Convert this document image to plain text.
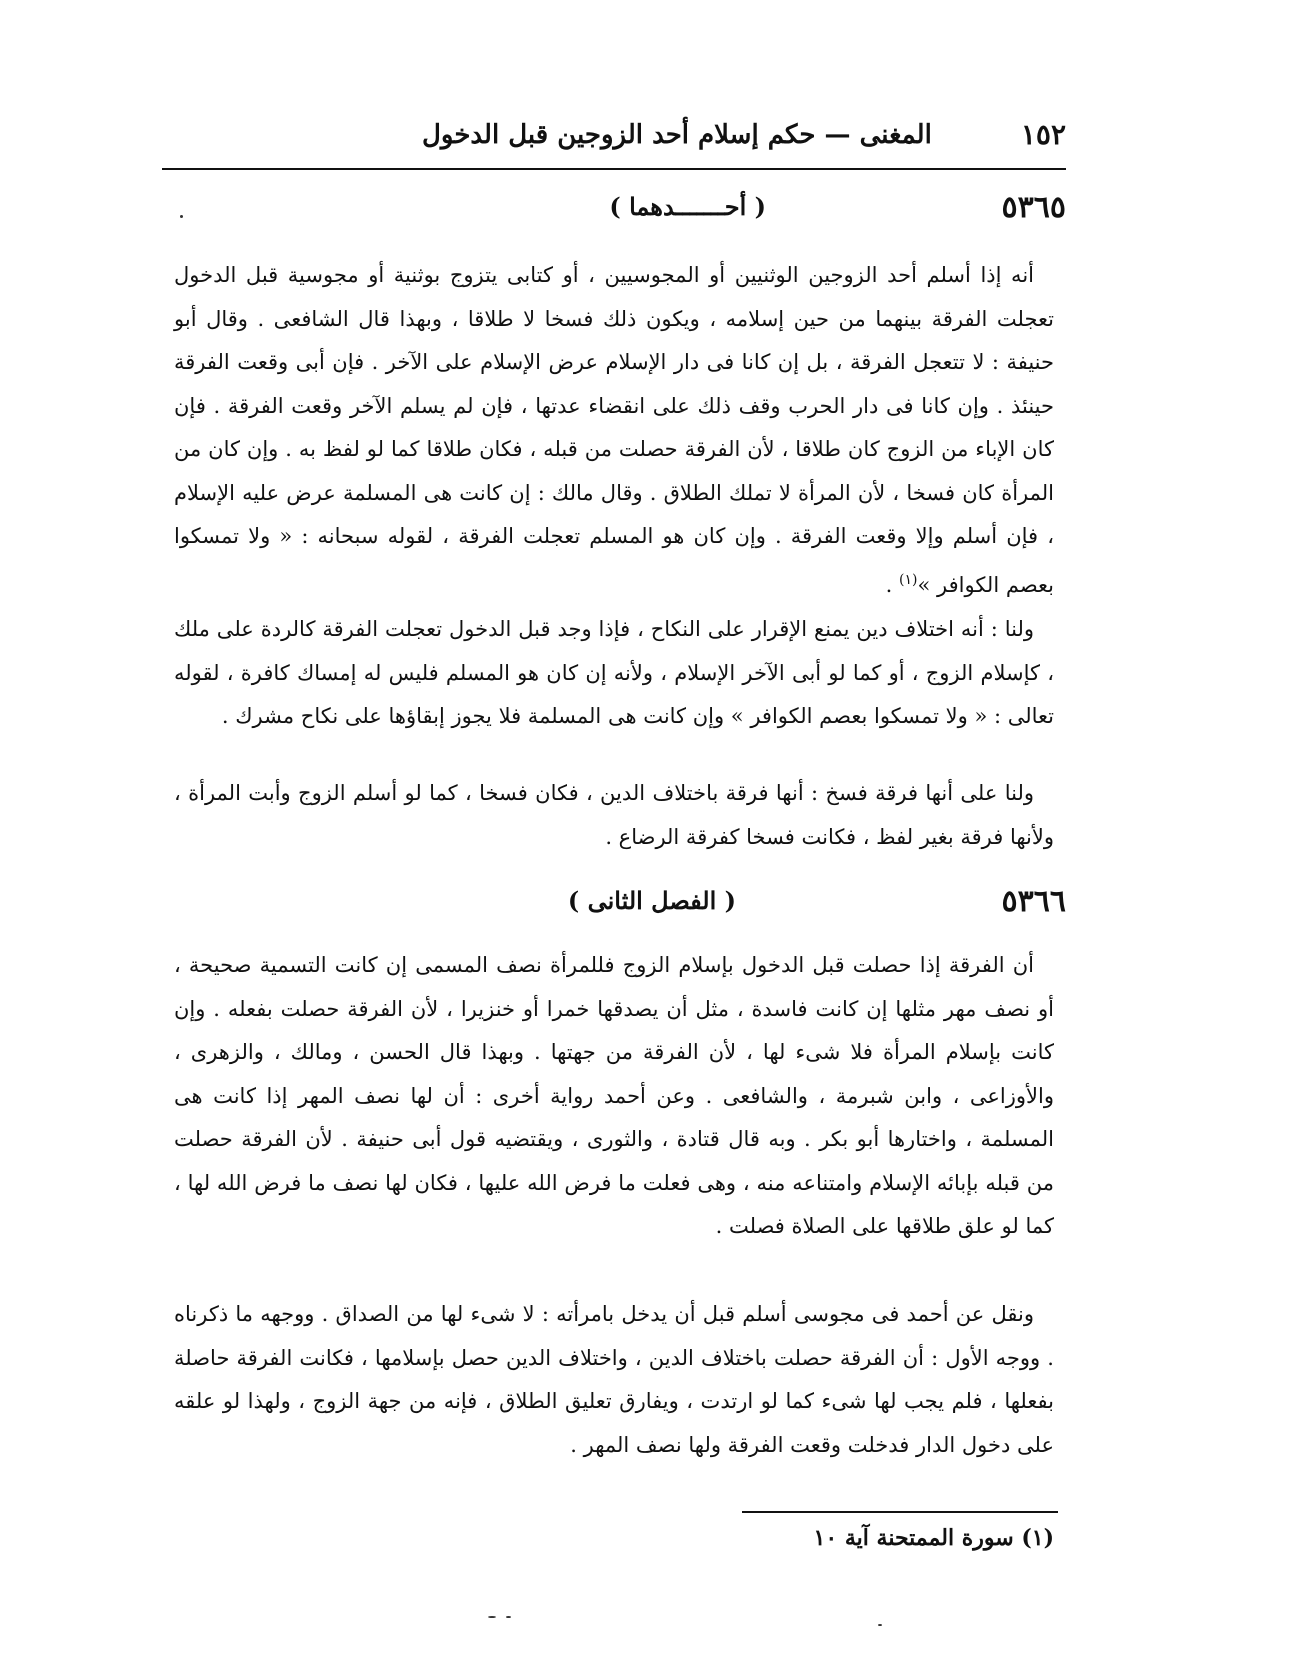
١٥٢
المغنى — حكم إسلام أحد الزوجين قبل الدخول
٥٣٦٥
( أحـــــــدهما )

أنه إذا أسلم أحد الزوجين الوثنيين أو المجوسيين ، أو كتابى يتزوج بوثنية أو مجوسية قبل الدخول تعجلت الفرقة بينهما من حين إسلامه ، ويكون ذلك فسخا لا طلاقا ، وبهذا قال الشافعى . وقال أبو حنيفة : لا تتعجل الفرقة ، بل إن كانا فى دار الإسلام عرض الإسلام على الآخر . فإن أبى وقعت الفرقة حينئذ . وإن كانا فى دار الحرب وقف ذلك على انقضاء عدتها ، فإن لم يسلم الآخر وقعت الفرقة . فإن كان الإباء من الزوج كان طلاقا ، لأن الفرقة حصلت من قبله ، فكان طلاقا كما لو لفظ به . وإن كان من المرأة كان فسخا ، لأن المرأة لا تملك الطلاق . وقال مالك : إن كانت هى المسلمة عرض عليه الإسلام ، فإن أسلم وإلا وقعت الفرقة . وإن كان هو المسلم تعجلت الفرقة ، لقوله سبحانه : « ولا تمسكوا بعصم الكوافر »$^{(١)}$ .

ولنا : أنه اختلاف دين يمنع الإقرار على النكاح ، فإذا وجد قبل الدخول تعجلت الفرقة كالردة على ملك ، كإسلام الزوج ، أو كما لو أبى الآخر الإسلام ، ولأنه إن كان هو المسلم فليس له إمساك كافرة ، لقوله تعالى : « ولا تمسكوا بعصم الكوافر » وإن كانت هى المسلمة فلا يجوز إبقاؤها على نكاح مشرك .

ولنا على أنها فرقة فسخ : أنها فرقة باختلاف الدين ، فكان فسخا ، كما لو أسلم الزوج وأبت المرأة ، ولأنها فرقة بغير لفظ ، فكانت فسخا كفرقة الرضاع .

٥٣٦٦
( الفصل الثانى )

أن الفرقة إذا حصلت قبل الدخول بإسلام الزوج فللمرأة نصف المسمى إن كانت التسمية صحيحة ، أو نصف مهر مثلها إن كانت فاسدة ، مثل أن يصدقها خمرا أو خنزيرا ، لأن الفرقة حصلت بفعله . وإن كانت بإسلام المرأة فلا شىء لها ، لأن الفرقة من جهتها . وبهذا قال الحسن ، ومالك ، والزهرى ، والأوزاعى ، وابن شبرمة ، والشافعى . وعن أحمد رواية أخرى : أن لها نصف المهر إذا كانت هى المسلمة ، واختارها أبو بكر . وبه قال قتادة ، والثورى ، ويقتضيه قول أبى حنيفة . لأن الفرقة حصلت من قبله بإبائه الإسلام وامتناعه منه ، وهى فعلت ما فرض الله عليها ، فكان لها نصف ما فرض الله لها ، كما لو علق طلاقها على الصلاة فصلت .

ونقل عن أحمد فى مجوسى أسلم قبل أن يدخل بامرأته : لا شىء لها من الصداق . ووجهه ما ذكرناه . ووجه الأول : أن الفرقة حصلت باختلاف الدين ، واختلاف الدين حصل بإسلامها ، فكانت الفرقة حاصلة بفعلها ، فلم يجب لها شىء كما لو ارتدت ، ويفارق تعليق الطلاق ، فإنه من جهة الزوج ، ولهذا لو علقه على دخول الدار فدخلت وقعت الفرقة ولها نصف المهر .

(١) سورة الممتحنة آية ١٠
